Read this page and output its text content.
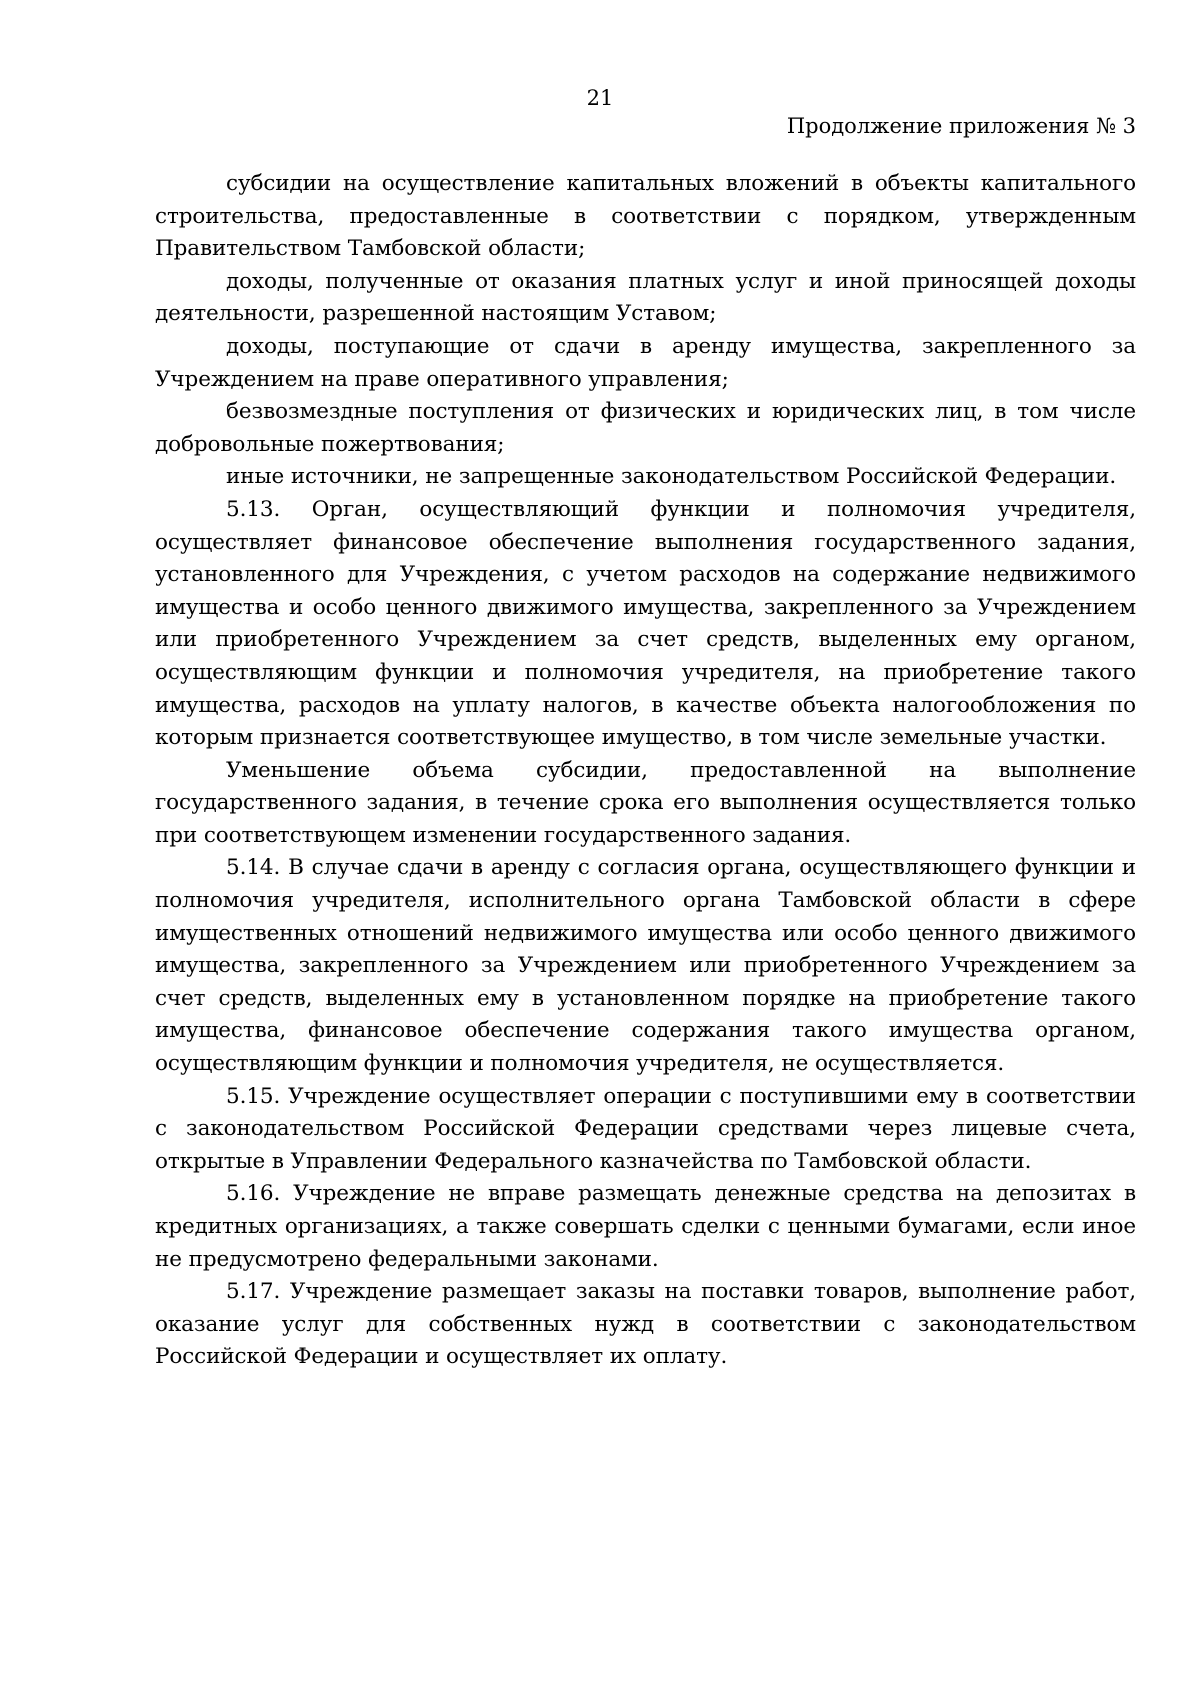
21
Продолжение приложения № 3

субсидии на осуществление капитальных вложений в объекты капитального строительства, предоставленные в соответствии с порядком, утвержденным Правительством Тамбовской области;

доходы, полученные от оказания платных услуг и иной приносящей доходы деятельности, разрешенной настоящим Уставом;

доходы, поступающие от сдачи в аренду имущества, закрепленного за Учреждением на праве оперативного управления;

безвозмездные поступления от физических и юридических лиц, в том числе добровольные пожертвования;

иные источники, не запрещенные законодательством Российской Федерации.

5.13. Орган, осуществляющий функции и полномочия учредителя, осуществляет финансовое обеспечение выполнения государственного задания, установленного для Учреждения, с учетом расходов на содержание недвижимого имущества и особо ценного движимого имущества, закрепленного за Учреждением или приобретенного Учреждением за счет средств, выделенных ему органом, осуществляющим функции и полномочия учредителя, на приобретение такого имущества, расходов на уплату налогов, в качестве объекта налогообложения по которым признается соответствующее имущество, в том числе земельные участки.

Уменьшение объема субсидии, предоставленной на выполнение государственного задания, в течение срока его выполнения осуществляется только при соответствующем изменении государственного задания.

5.14. В случае сдачи в аренду с согласия органа, осуществляющего функции и полномочия учредителя, исполнительного органа Тамбовской области в сфере имущественных отношений недвижимого имущества или особо ценного движимого имущества, закрепленного за Учреждением или приобретенного Учреждением за счет средств, выделенных ему в установленном порядке на приобретение такого имущества, финансовое обеспечение содержания такого имущества органом, осуществляющим функции и полномочия учредителя, не осуществляется.

5.15. Учреждение осуществляет операции с поступившими ему в соответствии с законодательством Российской Федерации средствами через лицевые счета, открытые в Управлении Федерального казначейства по Тамбовской области.

5.16. Учреждение не вправе размещать денежные средства на депозитах в кредитных организациях, а также совершать сделки с ценными бумагами, если иное не предусмотрено федеральными законами.

5.17. Учреждение размещает заказы на поставки товаров, выполнение работ, оказание услуг для собственных нужд в соответствии с законодательством Российской Федерации и осуществляет их оплату.
